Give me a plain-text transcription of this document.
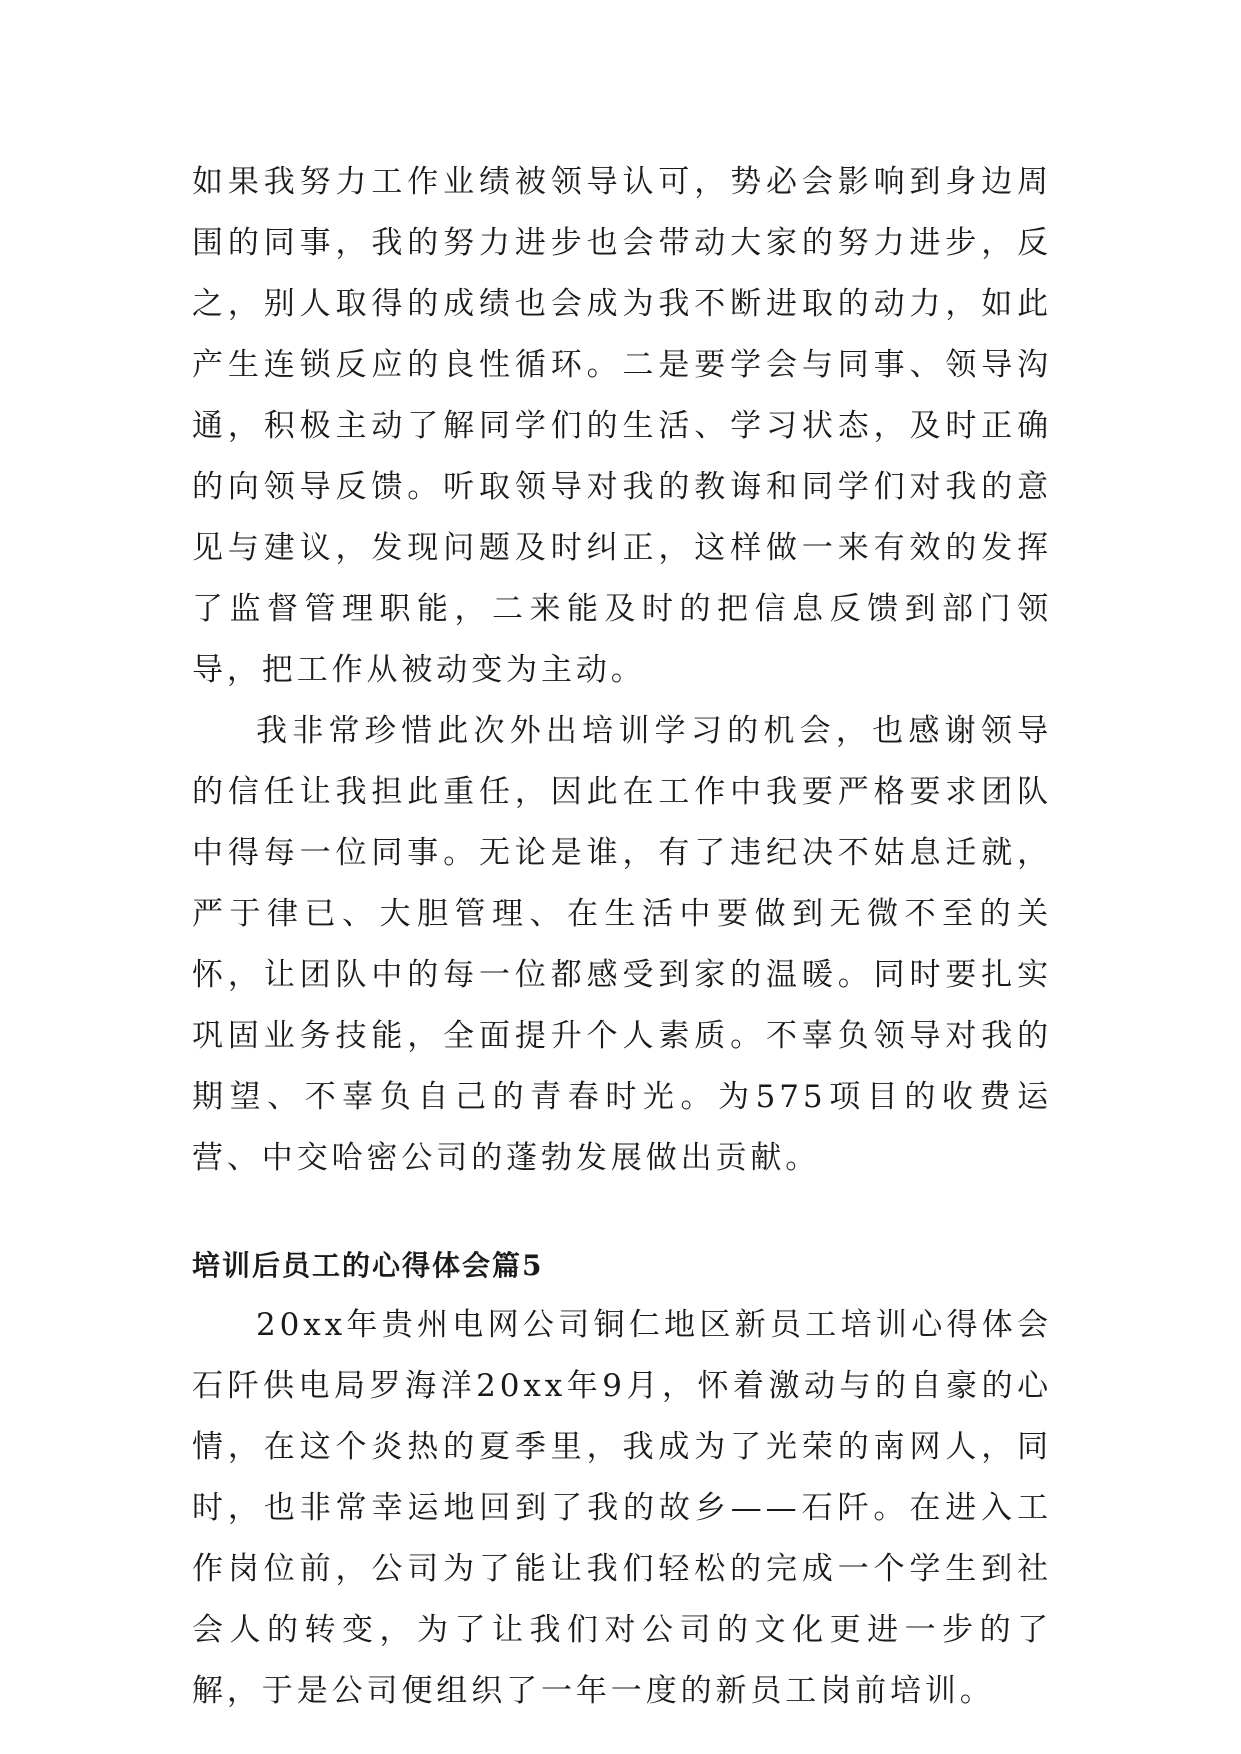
如果我努力工作业绩被领导认可，势必会影响到身边周围的同事，我的努力进步也会带动大家的努力进步，反之，别人取得的成绩也会成为我不断进取的动力，如此产生连锁反应的良性循环。二是要学会与同事、领导沟通，积极主动了解同学们的生活、学习状态，及时正确的向领导反馈。听取领导对我的教诲和同学们对我的意见与建议，发现问题及时纠正，这样做一来有效的发挥了监督管理职能，二来能及时的把信息反馈到部门领导，把工作从被动变为主动。

我非常珍惜此次外出培训学习的机会，也感谢领导的信任让我担此重任，因此在工作中我要严格要求团队中得每一位同事。无论是谁，有了违纪决不姑息迁就，严于律已、大胆管理、在生活中要做到无微不至的关怀，让团队中的每一位都感受到家的温暖。同时要扎实巩固业务技能，全面提升个人素质。不辜负领导对我的期望、不辜负自己的青春时光。为575项目的收费运营、中交哈密公司的蓬勃发展做出贡献。

培训后员工的心得体会篇5

20xx年贵州电网公司铜仁地区新员工培训心得体会石阡供电局罗海洋20xx年9月，怀着激动与的自豪的心情，在这个炎热的夏季里，我成为了光荣的南网人，同时，也非常幸运地回到了我的故乡——石阡。在进入工作岗位前，公司为了能让我们轻松的完成一个学生到社会人的转变，为了让我们对公司的文化更进一步的了解，于是公司便组织了一年一度的新员工岗前培训。
